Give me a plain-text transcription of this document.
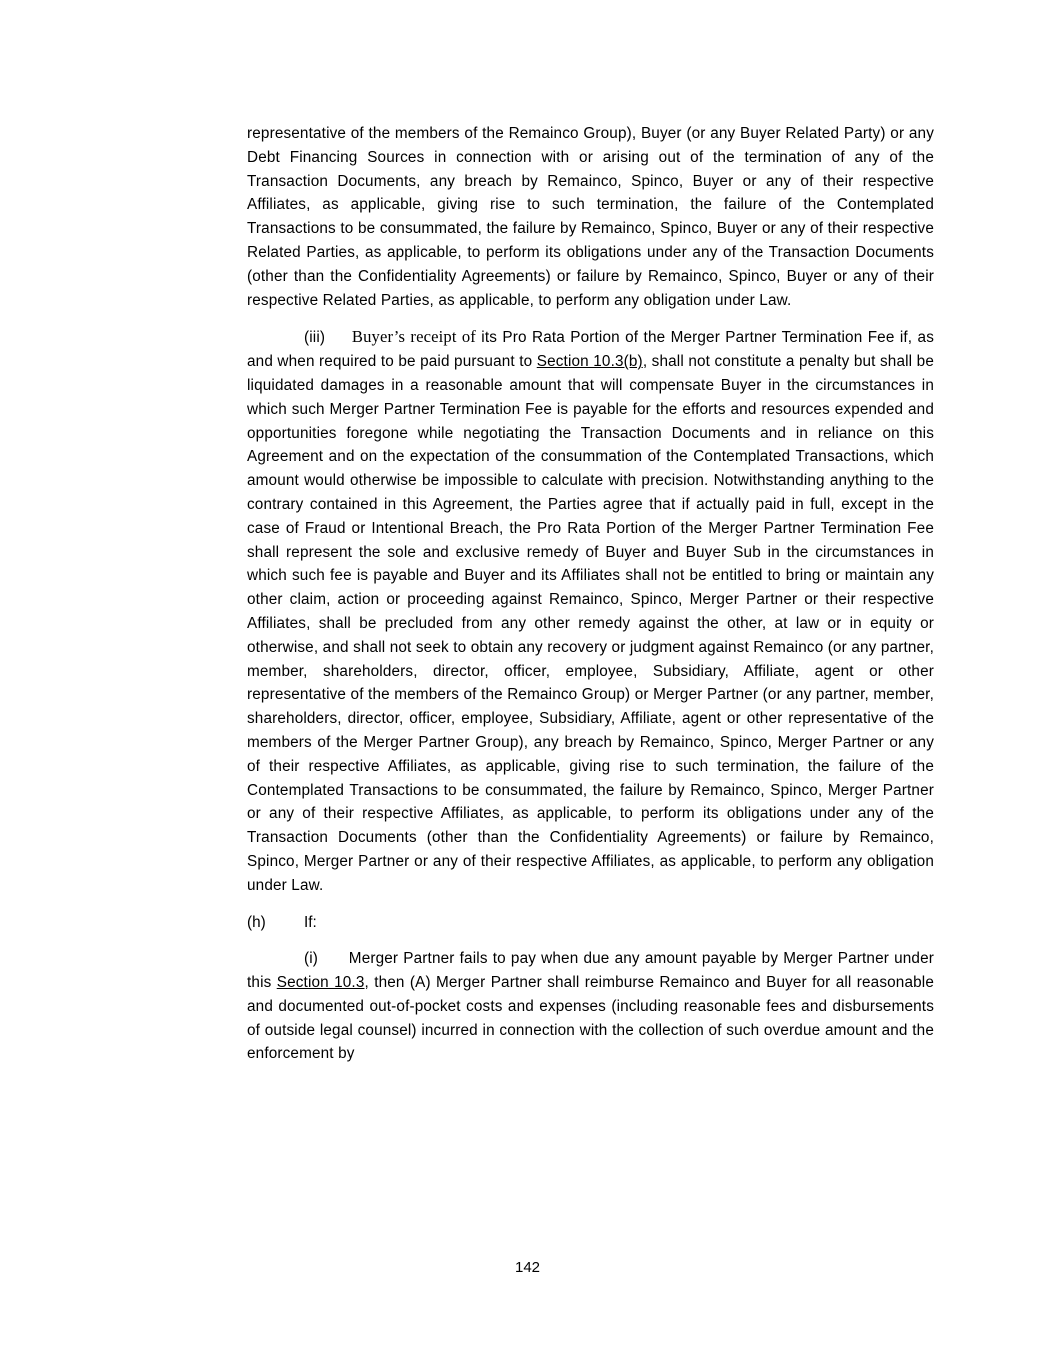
representative of the members of the Remainco Group), Buyer (or any Buyer Related Party) or any Debt Financing Sources in connection with or arising out of the termination of any of the Transaction Documents, any breach by Remainco, Spinco, Buyer or any of their respective Affiliates, as applicable, giving rise to such termination, the failure of the Contemplated Transactions to be consummated, the failure by Remainco, Spinco, Buyer or any of their respective Related Parties, as applicable, to perform its obligations under any of the Transaction Documents (other than the Confidentiality Agreements) or failure by Remainco, Spinco, Buyer or any of their respective Related Parties, as applicable, to perform any obligation under Law.

(iii) Buyer’s receipt of its Pro Rata Portion of the Merger Partner Termination Fee if, as and when required to be paid pursuant to Section 10.3(b), shall not constitute a penalty but shall be liquidated damages in a reasonable amount that will compensate Buyer in the circumstances in which such Merger Partner Termination Fee is payable for the efforts and resources expended and opportunities foregone while negotiating the Transaction Documents and in reliance on this Agreement and on the expectation of the consummation of the Contemplated Transactions, which amount would otherwise be impossible to calculate with precision. Notwithstanding anything to the contrary contained in this Agreement, the Parties agree that if actually paid in full, except in the case of Fraud or Intentional Breach, the Pro Rata Portion of the Merger Partner Termination Fee shall represent the sole and exclusive remedy of Buyer and Buyer Sub in the circumstances in which such fee is payable and Buyer and its Affiliates shall not be entitled to bring or maintain any other claim, action or proceeding against Remainco, Spinco, Merger Partner or their respective Affiliates, shall be precluded from any other remedy against the other, at law or in equity or otherwise, and shall not seek to obtain any recovery or judgment against Remainco (or any partner, member, shareholders, director, officer, employee, Subsidiary, Affiliate, agent or other representative of the members of the Remainco Group) or Merger Partner (or any partner, member, shareholders, director, officer, employee, Subsidiary, Affiliate, agent or other representative of the members of the Merger Partner Group), any breach by Remainco, Spinco, Merger Partner or any of their respective Affiliates, as applicable, giving rise to such termination, the failure of the Contemplated Transactions to be consummated, the failure by Remainco, Spinco, Merger Partner or any of their respective Affiliates, as applicable, to perform its obligations under any of the Transaction Documents (other than the Confidentiality Agreements) or failure by Remainco, Spinco, Merger Partner or any of their respective Affiliates, as applicable, to perform any obligation under Law.

(h)	If:

(i) Merger Partner fails to pay when due any amount payable by Merger Partner under this Section 10.3, then (A) Merger Partner shall reimburse Remainco and Buyer for all reasonable and documented out-of-pocket costs and expenses (including reasonable fees and disbursements of outside legal counsel) incurred in connection with the collection of such overdue amount and the enforcement by

142
